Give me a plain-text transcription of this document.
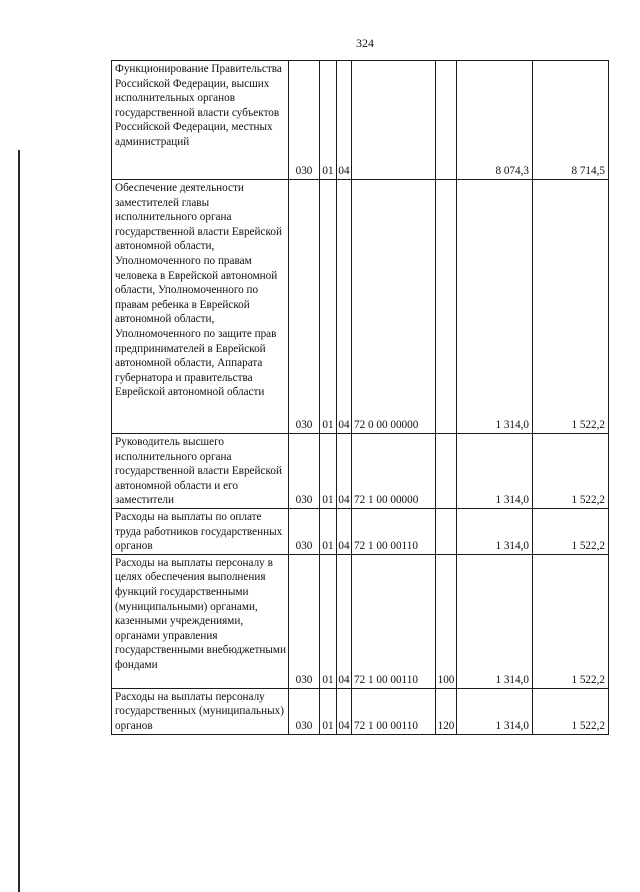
324
Функционирование Правительства Российской Федерации, высших исполнительных органов государственной власти субъектов Российской Федерации, местных администраций	030	01	04			8 074,3	8 714,5

Обеспечение деятельности заместителей главы исполнительного органа государственной власти Еврейской автономной области, Уполномоченного по правам человека в Еврейской автономной области, Уполномоченного по правам ребенка в Еврейской автономной области, Уполномоченного по защите прав предпринимателей в Еврейской автономной области, Аппарата губернатора и правительства Еврейской автономной области	030	01	04	72 0 00 00000		1 314,0	1 522,2

Руководитель высшего исполнительного органа государственной власти Еврейской автономной области и его заместители	030	01	04	72 1 00 00000		1 314,0	1 522,2

Расходы на выплаты по оплате труда работников государственных органов	030	01	04	72 1 00 00110		1 314,0	1 522,2

Расходы на выплаты персоналу в целях обеспечения выполнения функций государственными (муниципальными) органами, казенными учреждениями, органами управления государственными внебюджетными фондами	030	01	04	72 1 00 00110	100	1 314,0	1 522,2

Расходы на выплаты персоналу государственных (муниципальных) органов	030	01	04	72 1 00 00110	120	1 314,0	1 522,2
